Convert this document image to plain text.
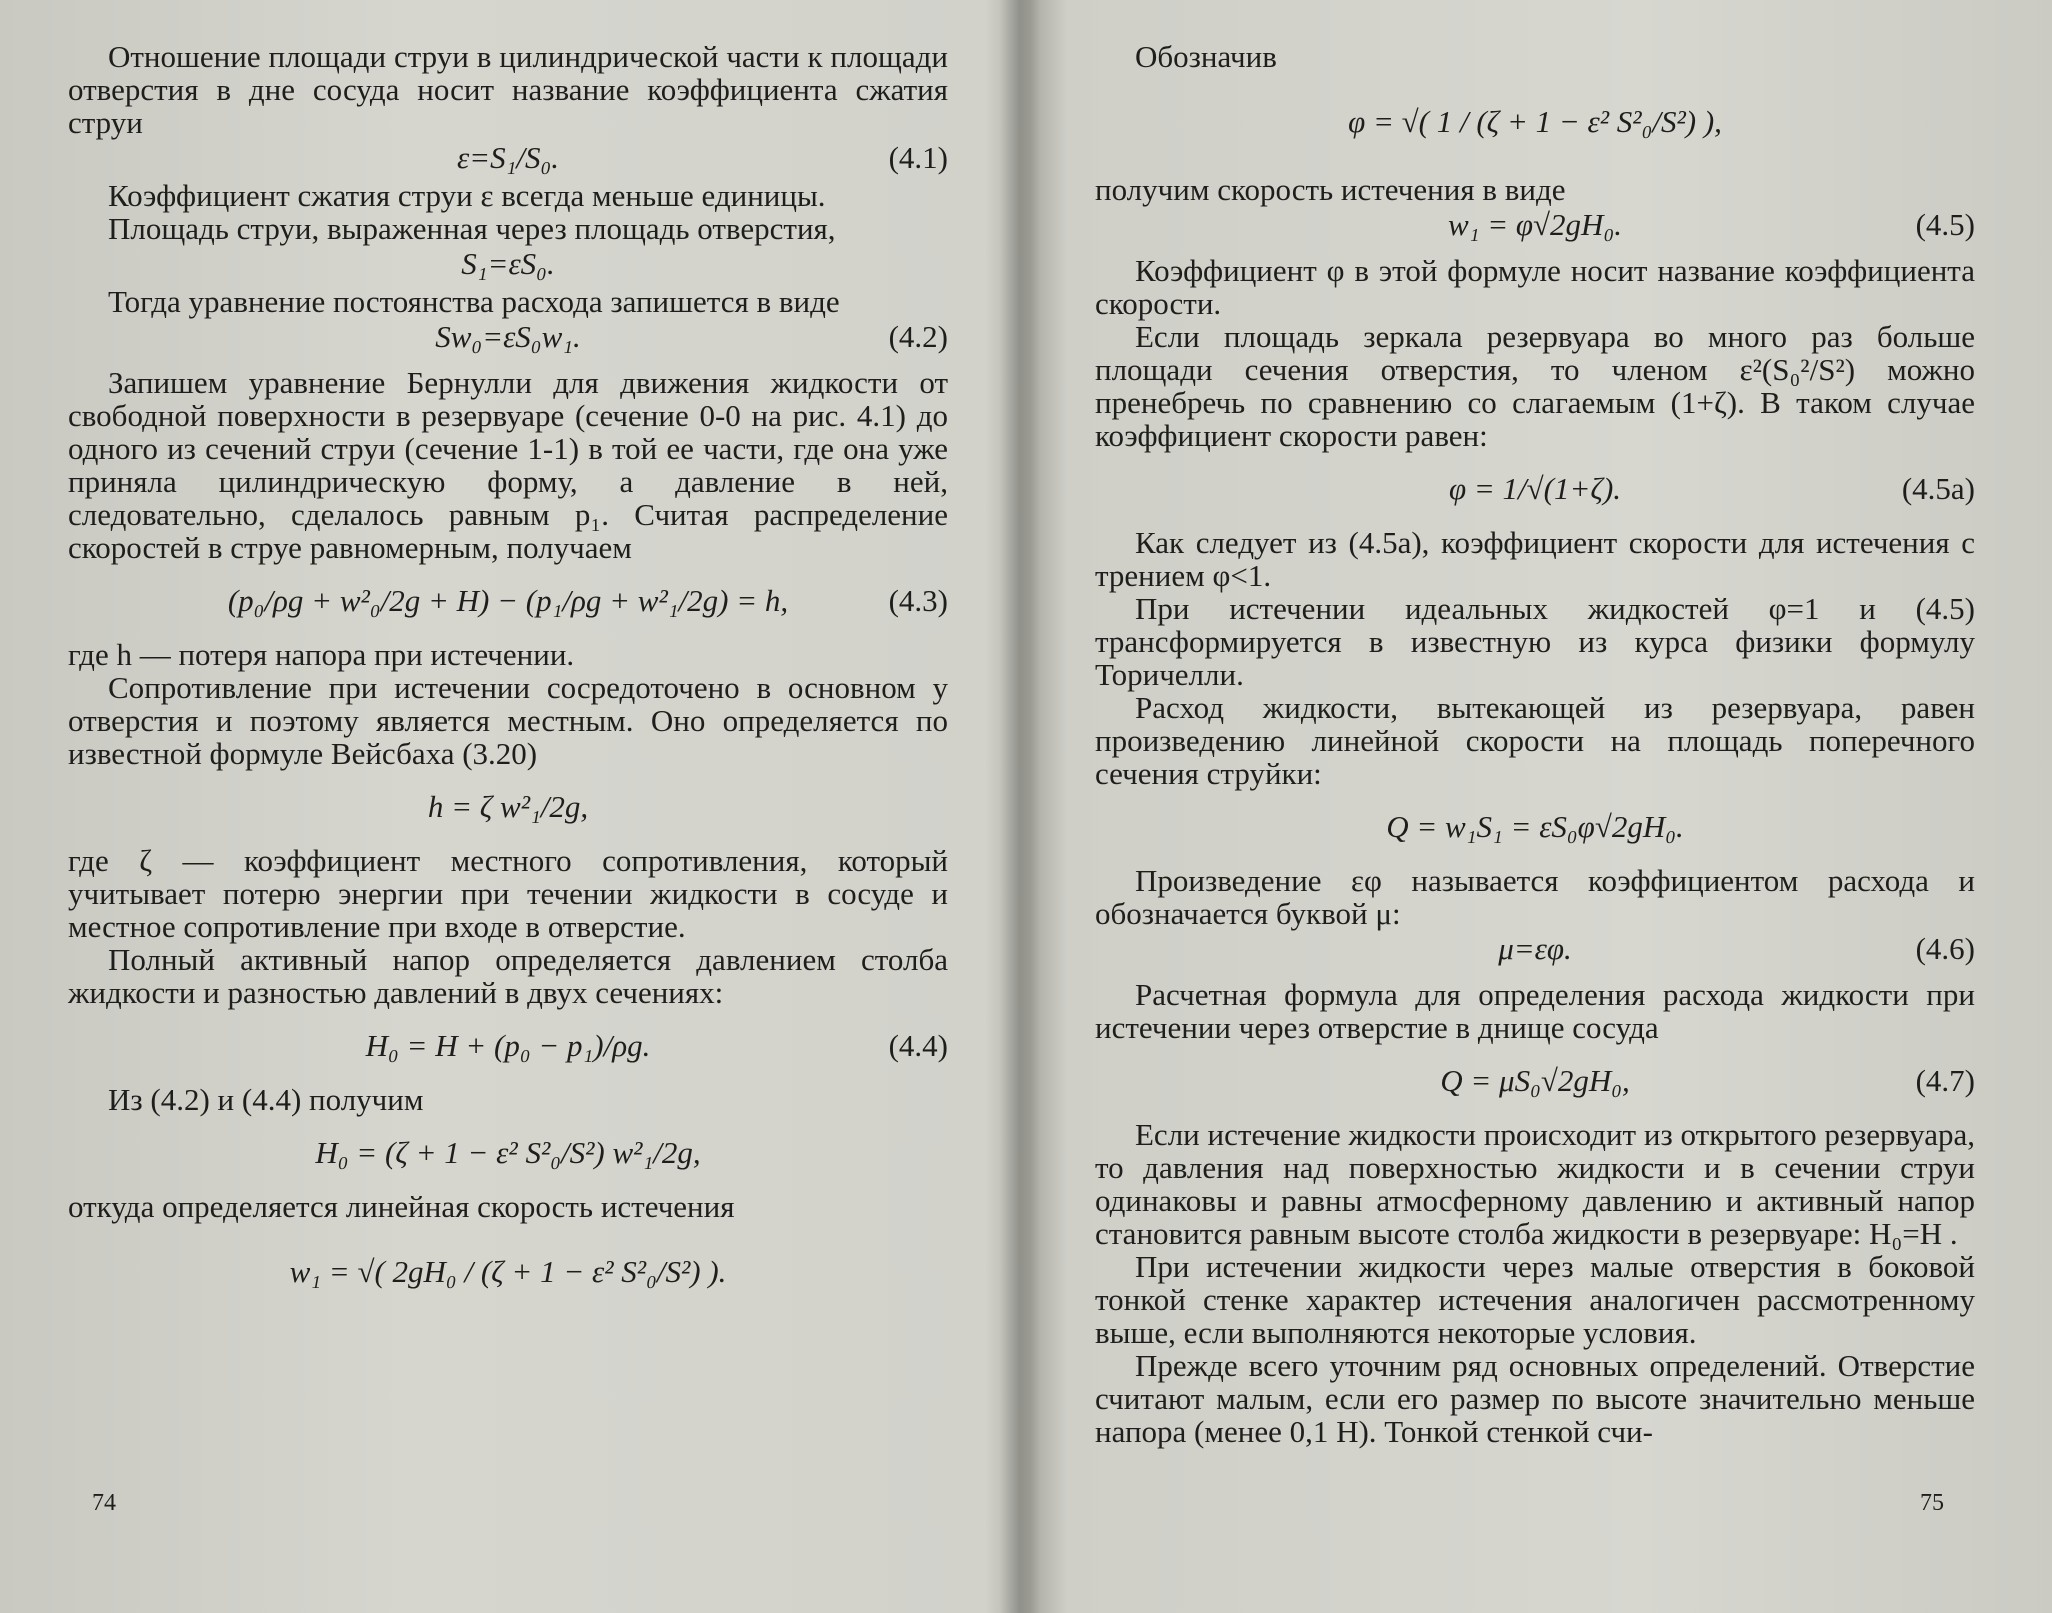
Отношение площади струи в цилиндрической части к площади отверстия в дне сосуда носит название коэффициента сжатия струи

ε=S₁/S₀.	(4.1)

Коэффициент сжатия струи ε всегда меньше единицы.

Площадь струи, выраженная через площадь отверстия,

S₁=εS₀.

Тогда уравнение постоянства расхода запишется в виде

Sw₀=εS₀w₁.	(4.2)

Запишем уравнение Бернулли для движения жидкости от свободной поверхности в резервуаре (сечение 0-0 на рис. 4.1) до одного из сечений струи (сечение 1-1) в той ее части, где она уже приняла цилиндрическую форму, а давление в ней, следовательно, сделалось равным p₁. Считая распределение скоростей в струе равномерным, получаем

(p₀/ρg + w²₀/2g + H) − (p₁/ρg + w²₁/2g) = h,	(4.3)

где h — потеря напора при истечении.

Сопротивление при истечении сосредоточено в основном у отверстия и поэтому является местным. Оно определяется по известной формуле Вейсбаха (3.20)

h = ζ w²₁/2g,

где ζ — коэффициент местного сопротивления, который учитывает потерю энергии при течении жидкости в сосуде и местное сопротивление при входе в отверстие.

Полный активный напор определяется давлением столба жидкости и разностью давлений в двух сечениях:

H₀ = H + (p₀ − p₁)/ρg.	(4.4)

Из (4.2) и (4.4) получим

H₀ = (ζ + 1 − ε² S²₀/S²) w²₁/2g,

откуда определяется линейная скорость истечения

w₁ = √( 2gH₀ / (ζ + 1 − ε² S²₀/S²) ).
74

Обозначив

φ = √( 1 / (ζ + 1 − ε² S²₀/S²) ),

получим скорость истечения в виде

w₁ = φ√2gH₀.	(4.5)

Коэффициент φ в этой формуле носит название коэффициента скорости.

Если площадь зеркала резервуара во много раз больше площади сечения отверстия, то членом ε²(S₀²/S²) можно пренебречь по сравнению со слагаемым (1+ζ). В таком случае коэффициент скорости равен:

φ = 1/√(1+ζ).	(4.5a)

Как следует из (4.5a), коэффициент скорости для истечения с трением φ<1.

При истечении идеальных жидкостей φ=1 и (4.5) трансформируется в известную из курса физики формулу Торичелли.

Расход жидкости, вытекающей из резервуара, равен произведению линейной скорости на площадь поперечного сечения струйки:

Q = w₁S₁ = εS₀φ√2gH₀.

Произведение εφ называется коэффициентом расхода и обозначается буквой μ:

μ=εφ.	(4.6)

Расчетная формула для определения расхода жидкости при истечении через отверстие в днище сосуда

Q = μS₀√2gH₀,	(4.7)

Если истечение жидкости происходит из открытого резервуара, то давления над поверхностью жидкости и в сечении струи одинаковы и равны атмосферному давлению и активный напор становится равным высоте столба жидкости в резервуаре: H₀=H .

При истечении жидкости через малые отверстия в боковой тонкой стенке характер истечения аналогичен рассмотренному выше, если выполняются некоторые условия.

Прежде всего уточним ряд основных определений. Отверстие считают малым, если его размер по высоте значительно меньше напора (менее 0,1 H). Тонкой стенкой счи-

75
